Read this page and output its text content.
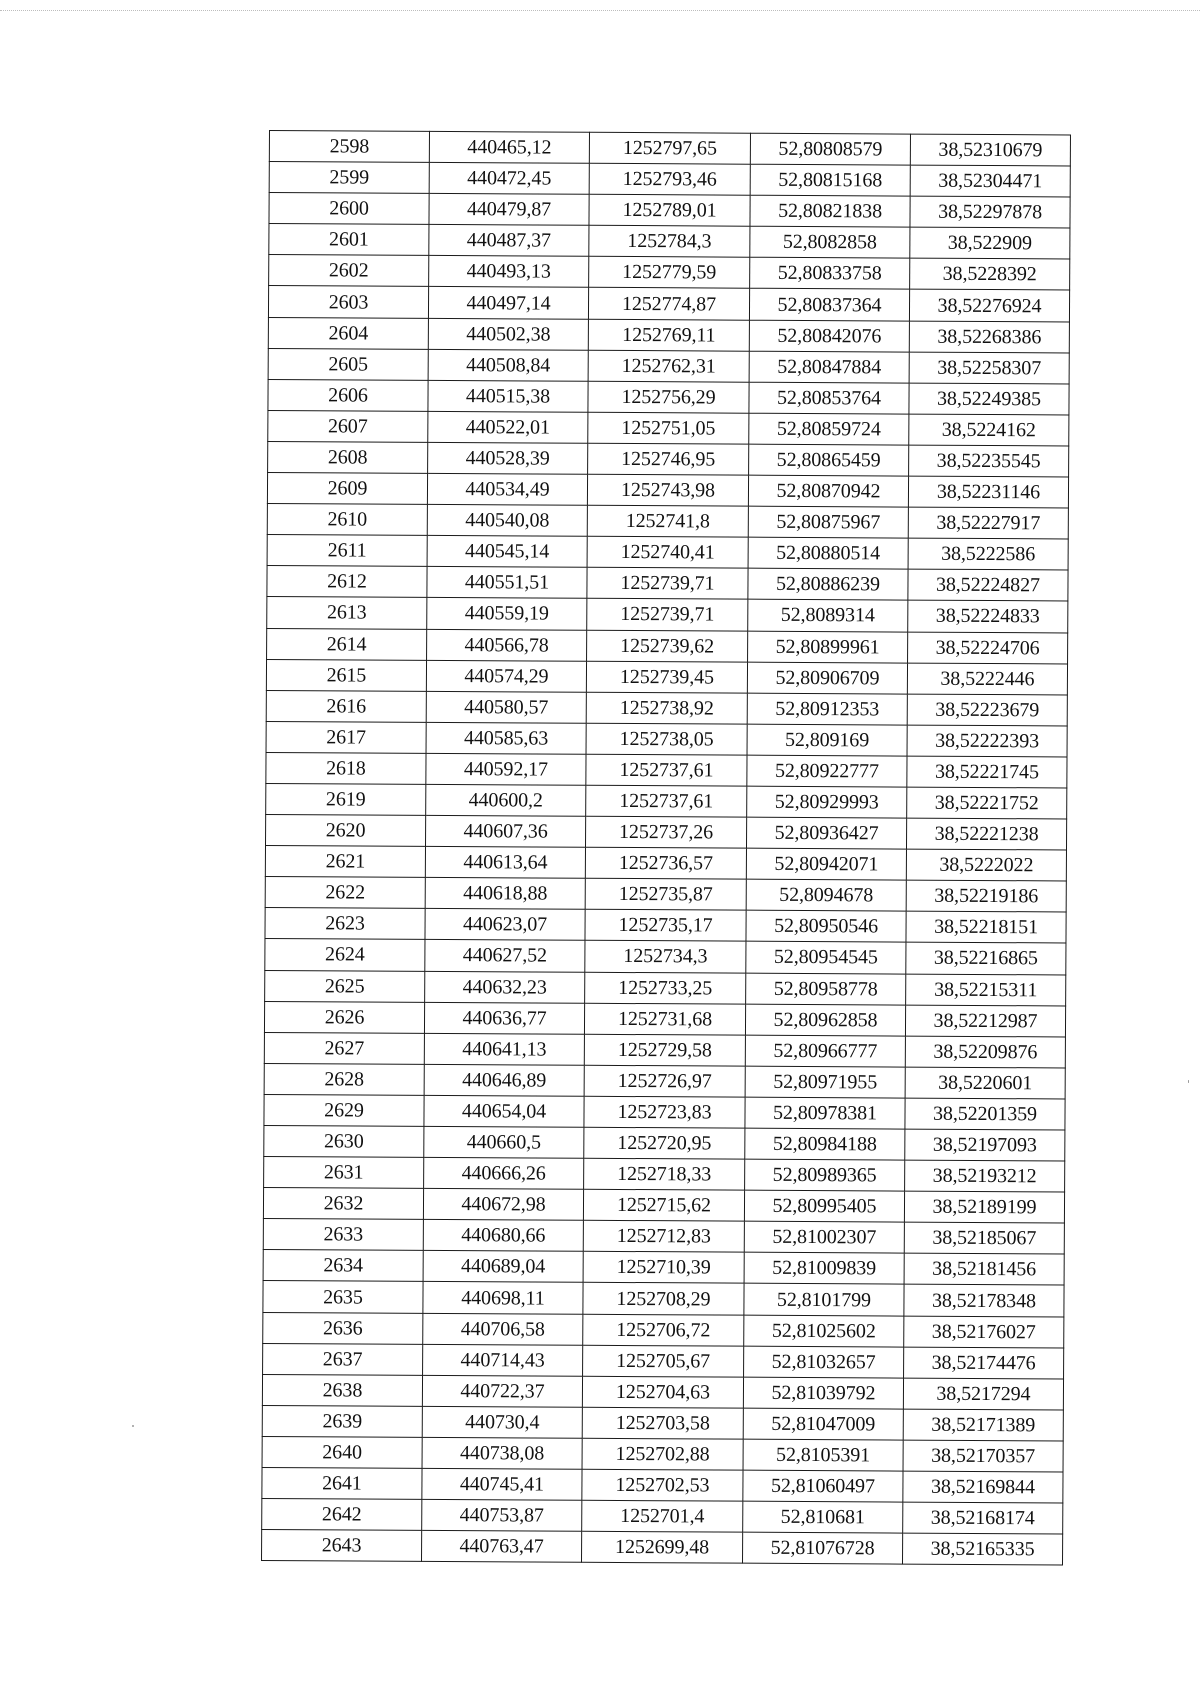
2598	440465,12	1252797,65	52,80808579	38,52310679
2599	440472,45	1252793,46	52,80815168	38,52304471
2600	440479,87	1252789,01	52,80821838	38,52297878
2601	440487,37	1252784,3	52,8082858	38,522909
2602	440493,13	1252779,59	52,80833758	38,5228392
2603	440497,14	1252774,87	52,80837364	38,52276924
2604	440502,38	1252769,11	52,80842076	38,52268386
2605	440508,84	1252762,31	52,80847884	38,52258307
2606	440515,38	1252756,29	52,80853764	38,52249385
2607	440522,01	1252751,05	52,80859724	38,5224162
2608	440528,39	1252746,95	52,80865459	38,52235545
2609	440534,49	1252743,98	52,80870942	38,52231146
2610	440540,08	1252741,8	52,80875967	38,52227917
2611	440545,14	1252740,41	52,80880514	38,5222586
2612	440551,51	1252739,71	52,80886239	38,52224827
2613	440559,19	1252739,71	52,8089314	38,52224833
2614	440566,78	1252739,62	52,80899961	38,52224706
2615	440574,29	1252739,45	52,80906709	38,5222446
2616	440580,57	1252738,92	52,80912353	38,52223679
2617	440585,63	1252738,05	52,809169	38,52222393
2618	440592,17	1252737,61	52,80922777	38,52221745
2619	440600,2	1252737,61	52,80929993	38,52221752
2620	440607,36	1252737,26	52,80936427	38,52221238
2621	440613,64	1252736,57	52,80942071	38,5222022
2622	440618,88	1252735,87	52,8094678	38,52219186
2623	440623,07	1252735,17	52,80950546	38,52218151
2624	440627,52	1252734,3	52,80954545	38,52216865
2625	440632,23	1252733,25	52,80958778	38,52215311
2626	440636,77	1252731,68	52,80962858	38,52212987
2627	440641,13	1252729,58	52,80966777	38,52209876
2628	440646,89	1252726,97	52,80971955	38,5220601
2629	440654,04	1252723,83	52,80978381	38,52201359
2630	440660,5	1252720,95	52,80984188	38,52197093
2631	440666,26	1252718,33	52,80989365	38,52193212
2632	440672,98	1252715,62	52,80995405	38,52189199
2633	440680,66	1252712,83	52,81002307	38,52185067
2634	440689,04	1252710,39	52,81009839	38,52181456
2635	440698,11	1252708,29	52,8101799	38,52178348
2636	440706,58	1252706,72	52,81025602	38,52176027
2637	440714,43	1252705,67	52,81032657	38,52174476
2638	440722,37	1252704,63	52,81039792	38,5217294
2639	440730,4	1252703,58	52,81047009	38,52171389
2640	440738,08	1252702,88	52,8105391	38,52170357
2641	440745,41	1252702,53	52,81060497	38,52169844
2642	440753,87	1252701,4	52,810681	38,52168174
2643	440763,47	1252699,48	52,81076728	38,52165335
